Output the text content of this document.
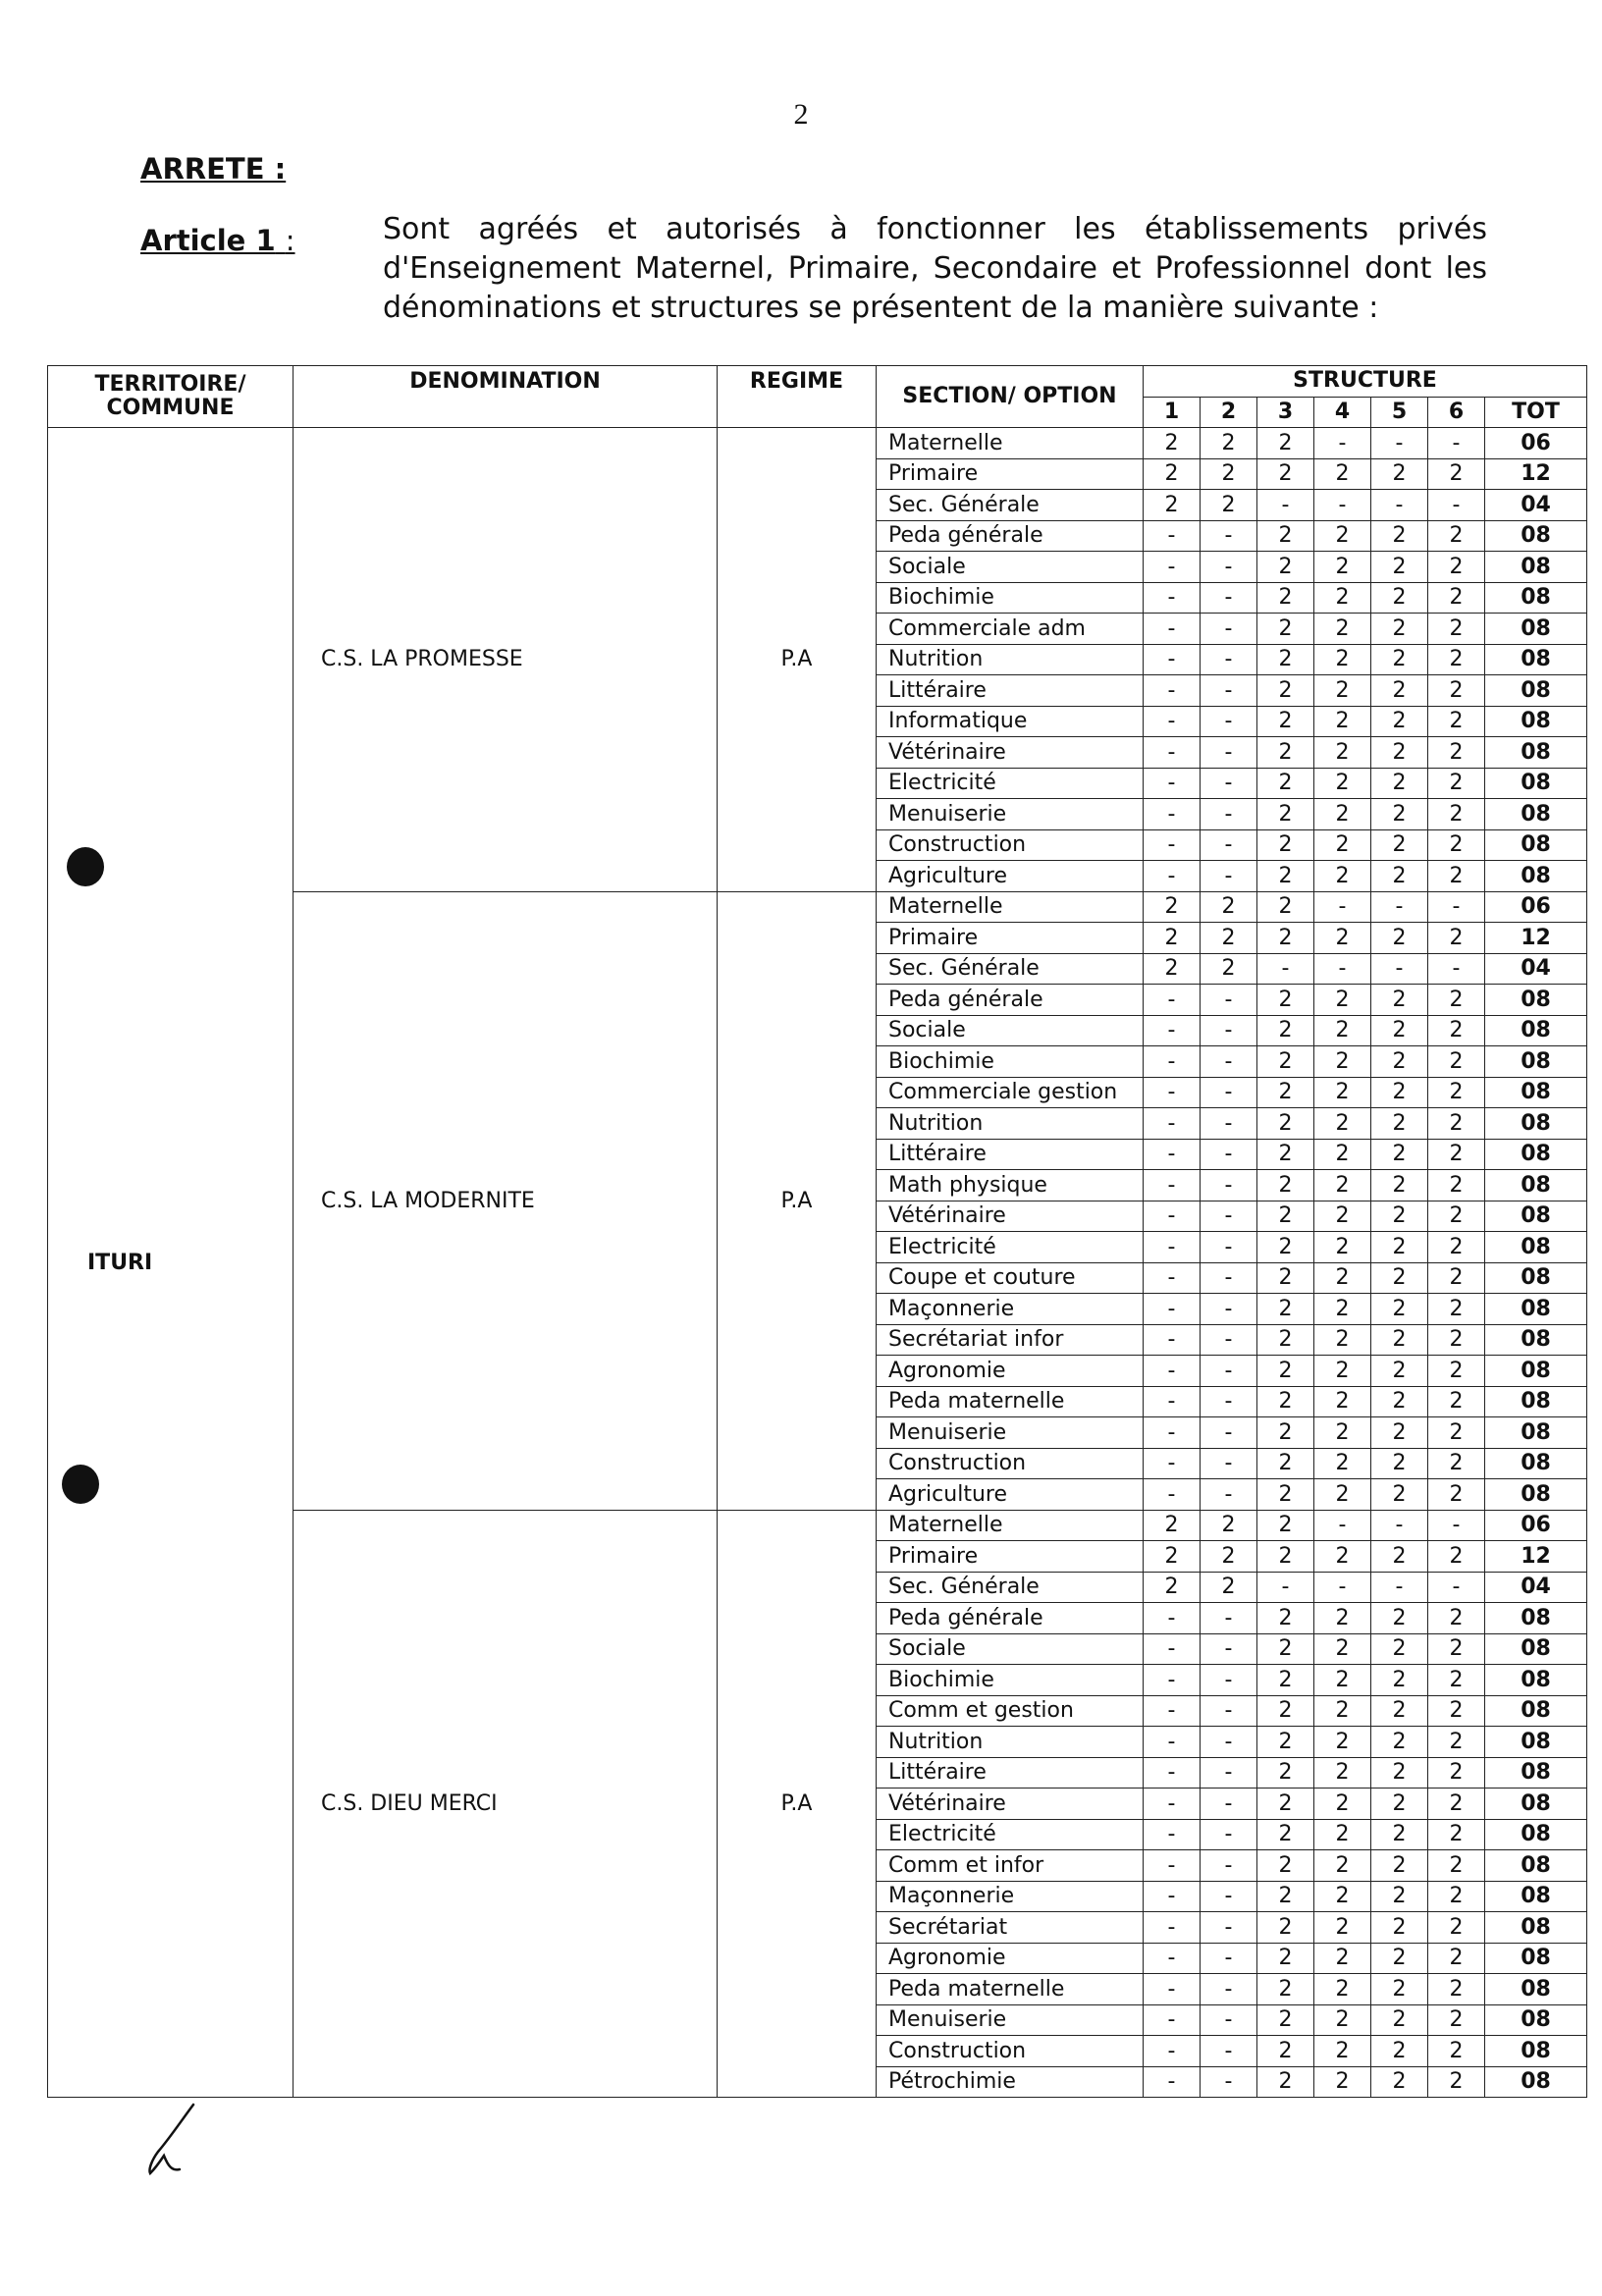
2
ARRETE :
Article 1 :	Sont agréés et autorisés à fonctionner les établissements privés d'Enseignement Maternel, Primaire, Secondaire et Professionnel dont les dénominations et structures se présentent de la manière suivante :
TERRITOIRE/ COMMUNE	DENOMINATION	REGIME	SECTION/ OPTION	STRUCTURE						
				1	2	3	4	5	6	TOT
ITURI	C.S. LA PROMESSE	P.A	Maternelle	2	2	2	-	-	-	06
			Primaire	2	2	2	2	2	2	12
			Sec. Générale	2	2	-	-	-	-	04
			Peda générale	-	-	2	2	2	2	08
			Sociale	-	-	2	2	2	2	08
			Biochimie	-	-	2	2	2	2	08
			Commerciale adm	-	-	2	2	2	2	08
			Nutrition	-	-	2	2	2	2	08
			Littéraire	-	-	2	2	2	2	08
			Informatique	-	-	2	2	2	2	08
			Vétérinaire	-	-	2	2	2	2	08
			Electricité	-	-	2	2	2	2	08
			Menuiserie	-	-	2	2	2	2	08
			Construction	-	-	2	2	2	2	08
			Agriculture	-	-	2	2	2	2	08
	C.S. LA MODERNITE	P.A	Maternelle	2	2	2	-	-	-	06
			Primaire	2	2	2	2	2	2	12
			Sec. Générale	2	2	-	-	-	-	04
			Peda générale	-	-	2	2	2	2	08
			Sociale	-	-	2	2	2	2	08
			Biochimie	-	-	2	2	2	2	08
			Commerciale gestion	-	-	2	2	2	2	08
			Nutrition	-	-	2	2	2	2	08
			Littéraire	-	-	2	2	2	2	08
			Math physique	-	-	2	2	2	2	08
			Vétérinaire	-	-	2	2	2	2	08
			Electricité	-	-	2	2	2	2	08
			Coupe et couture	-	-	2	2	2	2	08
			Maçonnerie	-	-	2	2	2	2	08
			Secrétariat infor	-	-	2	2	2	2	08
			Agronomie	-	-	2	2	2	2	08
			Peda maternelle	-	-	2	2	2	2	08
			Menuiserie	-	-	2	2	2	2	08
			Construction	-	-	2	2	2	2	08
			Agriculture	-	-	2	2	2	2	08
	C.S. DIEU MERCI	P.A	Maternelle	2	2	2	-	-	-	06
			Primaire	2	2	2	2	2	2	12
			Sec. Générale	2	2	-	-	-	-	04
			Peda générale	-	-	2	2	2	2	08
			Sociale	-	-	2	2	2	2	08
			Biochimie	-	-	2	2	2	2	08
			Comm et gestion	-	-	2	2	2	2	08
			Nutrition	-	-	2	2	2	2	08
			Littéraire	-	-	2	2	2	2	08
			Vétérinaire	-	-	2	2	2	2	08
			Electricité	-	-	2	2	2	2	08
			Comm et infor	-	-	2	2	2	2	08
			Maçonnerie	-	-	2	2	2	2	08
			Secrétariat	-	-	2	2	2	2	08
			Agronomie	-	-	2	2	2	2	08
			Peda maternelle	-	-	2	2	2	2	08
			Menuiserie	-	-	2	2	2	2	08
			Construction	-	-	2	2	2	2	08
			Pétrochimie	-	-	2	2	2	2	08
